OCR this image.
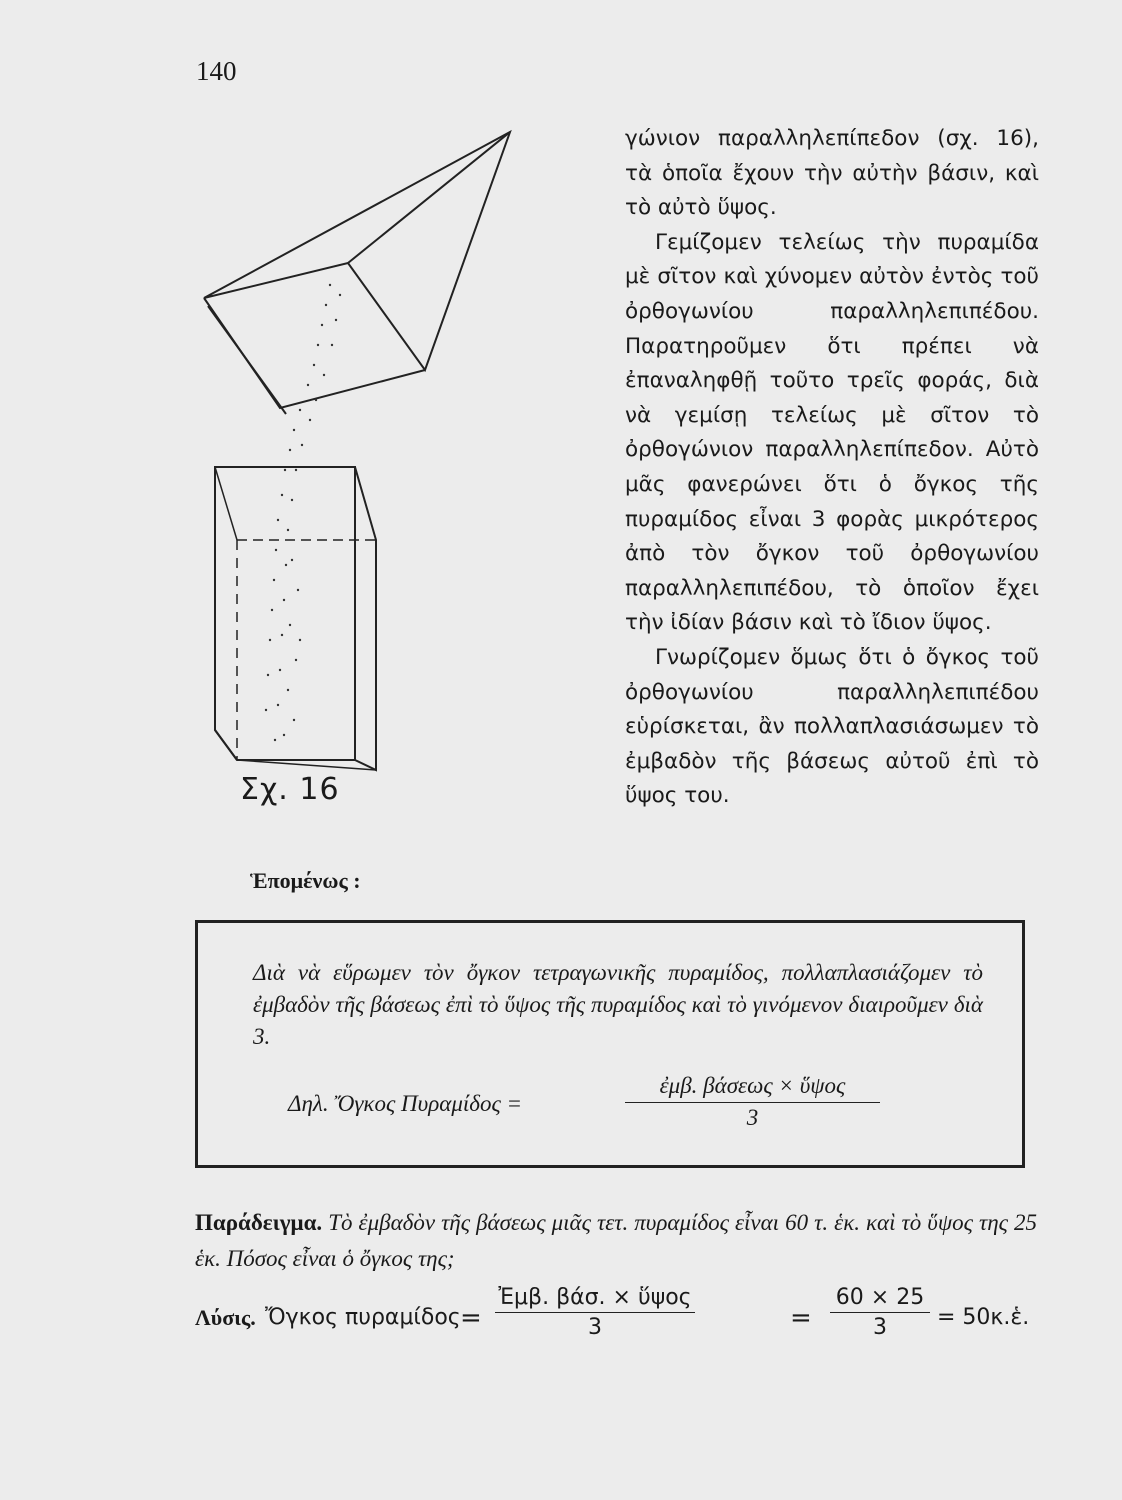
140
Σχ. 16

γώνιον παραλληλεπίπεδον (σχ. 16), τὰ ὁποῖα ἔχουν τὴν αὐτὴν βάσιν, καὶ τὸ αὐτὸ ὕψος.

Γεμίζομεν τελείως τὴν πυραμίδα μὲ σῖτον καὶ χύνομεν αὐτὸν ἐντὸς τοῦ ὀρθογωνίου παραλληλεπιπέδου. Παρατηροῦμεν ὅτι πρέπει νὰ ἐπαναληφθῇ τοῦτο τρεῖς φοράς, διὰ νὰ γεμίσῃ τελείως μὲ σῖτον τὸ ὀρθογώνιον παραλληλεπίπεδον. Αὐτὸ μᾶς φανερώνει ὅτι ὁ ὄγκος τῆς πυραμίδος εἶναι 3 φορὰς μικρότερος ἀπὸ τὸν ὄγκον τοῦ ὀρθογωνίου παραλληλεπιπέδου, τὸ ὁποῖον ἔχει τὴν ἰδίαν βάσιν καὶ τὸ ἴδιον ὕψος.

Γνωρίζομεν ὅμως ὅτι ὁ ὄγκος τοῦ ὀρθογωνίου παραλληλεπιπέδου εὑρίσκεται, ἂν πολλαπλασιάσωμεν τὸ ἐμβαδὸν τῆς βάσεως αὐτοῦ ἐπὶ τὸ ὕψος του.

Ἑπομένως :
Διὰ νὰ εὕρωμεν τὸν ὄγκον τετραγωνικῆς πυραμίδος, πολλαπλασιάζομεν τὸ ἐμβαδὸν τῆς βάσεως ἐπὶ τὸ ὕψος τῆς πυραμίδος καὶ τὸ γινόμενον διαιροῦμεν διὰ 3.
Δηλ. Ὄγκος Πυραμίδος =
ἐμβ. βάσεως × ὕψος
3
Παράδειγμα. Τὸ ἐμβαδὸν τῆς βάσεως μιᾶς τετ. πυραμίδος εἶναι 60 τ. ἑκ. καὶ τὸ ὕψος της 25 ἑκ. Πόσος εἶναι ὁ ὄγκος της;
Λύσις. Ὄγκος πυραμίδος =
Ἐμβ. βάσ. × ὕψος
3	= $\frac{60 \times 25}{3}$ = 50κ.ἑ.
